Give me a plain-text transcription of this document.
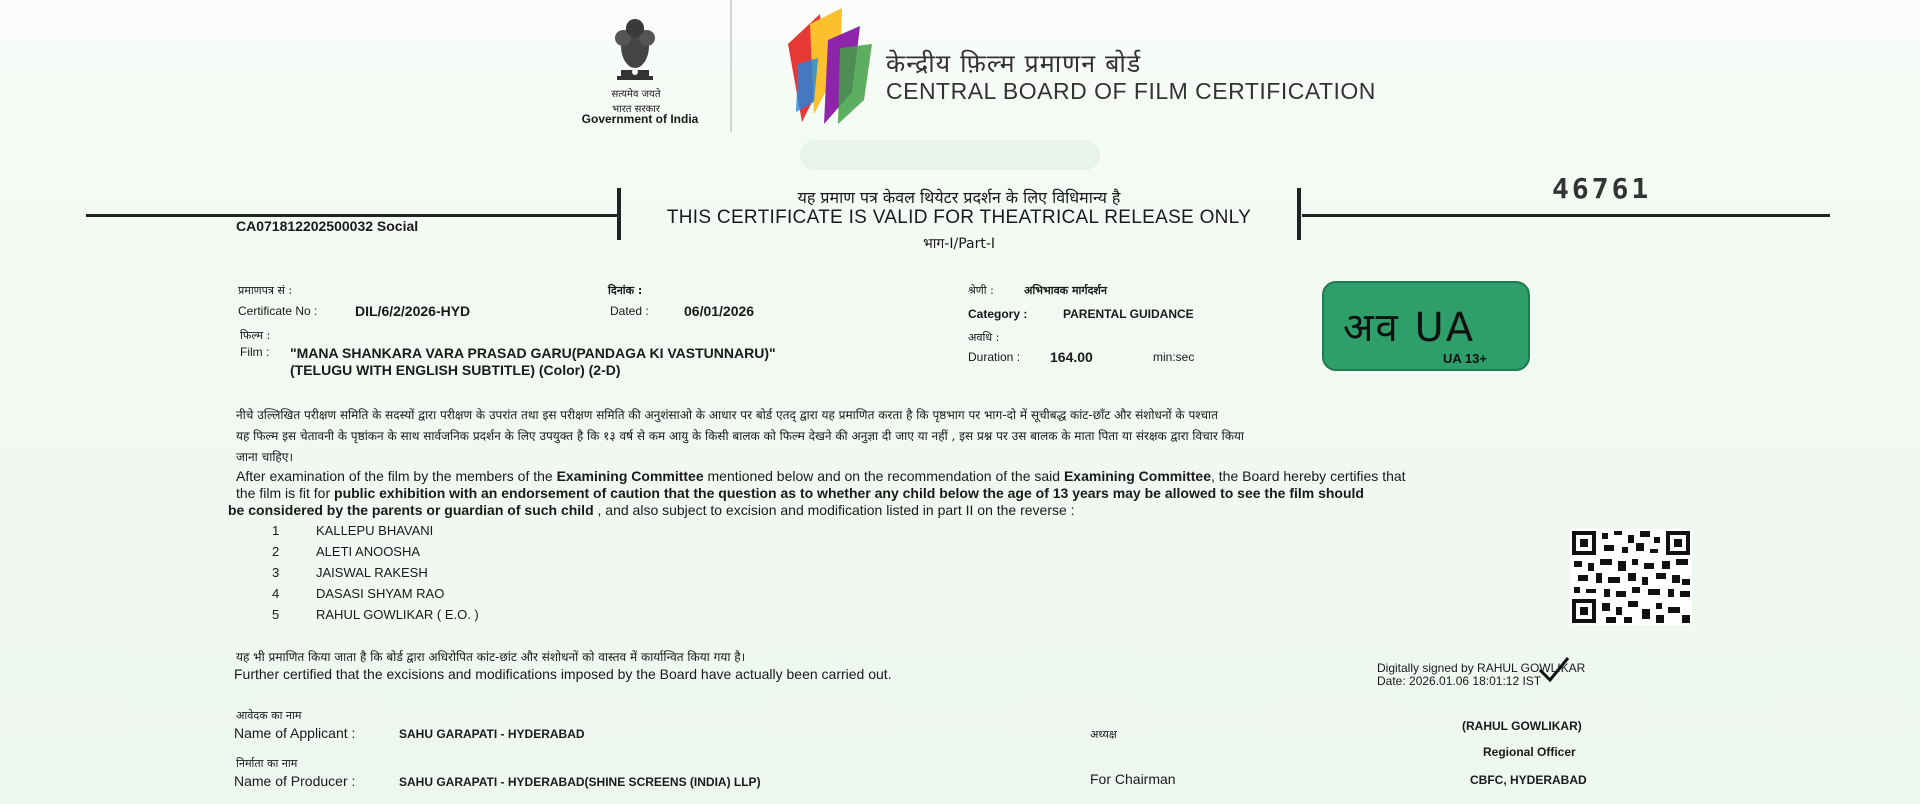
सत्यमेव जयते
भारत सरकार
Government of India
केन्द्रीय फ़िल्म प्रमाणन बोर्ड
CENTRAL BOARD OF FILM CERTIFICATION
यह प्रमाण पत्र केवल थियेटर प्रदर्शन के लिए विधिमान्य है
THIS CERTIFICATE IS VALID FOR THEATRICAL RELEASE ONLY
भाग-I/Part-I
CA071812202500032 Social
46761
प्रमाणपत्र सं :
Certificate No :	DIL/6/2/2026-HYD
दिनांक :
Dated :	06/01/2026
फिल्म :
Film : "MANA SHANKARA VARA PRASAD GARU(PANDAGA KI VASTUNNARU)"
(TELUGU WITH ENGLISH SUBTITLE) (Color) (2-D)
श्रेणी :	अभिभावक मार्गदर्शन
Category :	PARENTAL GUIDANCE
अवधि :
Duration : 164.00	min:sec
अव UA
UA 13+
नीचे उल्लिखित परीक्षण समिति के सदस्यों द्वारा परीक्षण के उपरांत तथा इस परीक्षण समिति की अनुशंसाओ के आधार पर बोर्ड एतद् द्वारा यह प्रमाणित करता है कि पृष्ठभाग पर भाग-दो में सूचीबद्ध कांट-छाँट और संशोधनों के पश्चात
यह फिल्म इस चेतावनी के पृष्ठांकन के साथ सार्वजनिक प्रदर्शन के लिए उपयुक्त है कि १३ वर्ष से कम आयु के किसी बालक को फिल्म देखने की अनुज्ञा दी जाए या नहीं , इस प्रश्न पर उस बालक के माता पिता या संरक्षक द्वारा विचार किया
जाना चाहिए।
After examination of the film by the members of the Examining Committee mentioned below and on the recommendation of the said Examining Committee, the Board hereby certifies that
the film is fit for public exhibition with an endorsement of caution that the question as to whether any child below the age of 13 years may be allowed to see the film should
be considered by the parents or guardian of such child , and also subject to excision and modification listed in part II on the reverse :
1	KALLEPU BHAVANI
2	ALETI ANOOSHA
3	JAISWAL RAKESH
4	DASASI SHYAM RAO
5	RAHUL GOWLIKAR ( E.O. )
यह भी प्रमाणित किया जाता है कि बोर्ड द्वारा अधिरोपित कांट-छांट और संशोधनों को वास्तव में कार्यान्वित किया गया है।
Further certified that the excisions and modifications imposed by the Board have actually been carried out.	Digitally signed by RAHUL GOWLIKAR
Date: 2026.01.06 18:01:12 IST
आवेदक का नाम
Name of Applicant :	SAHU GARAPATI - HYDERABAD	अध्यक्ष
(RAHUL GOWLIKAR)
Regional Officer
निर्माता का नाम
Name of Producer :	SAHU GARAPATI - HYDERABAD(SHINE SCREENS (INDIA) LLP)	For Chairman	CBFC, HYDERABAD
